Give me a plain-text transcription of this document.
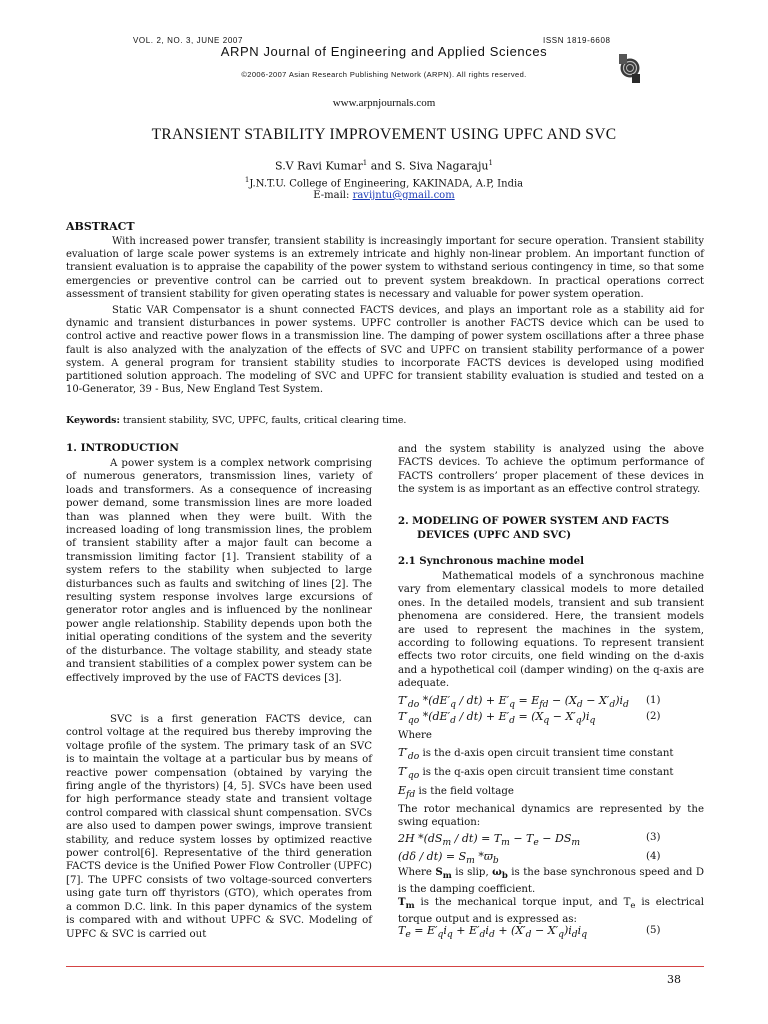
VOL. 2, NO. 3, JUNE 2007	ISSN 1819-6608
ARPN Journal of Engineering and Applied Sciences
©2006-2007 Asian Research Publishing Network (ARPN). All rights reserved.
www.arpnjournals.com
TRANSIENT STABILITY IMPROVEMENT USING UPFC AND SVC
S.V Ravi Kumar$^1$ and S. Siva Nagaraju$^1$
$^1$J.N.T.U. College of Engineering, KAKINADA, A.P, India
E-mail: ravijntu@gmail.com
ABSTRACT
With increased power transfer, transient stability is increasingly important for secure operation. Transient stability evaluation of large scale power systems is an extremely intricate and highly non-linear problem. An important function of transient evaluation is to appraise the capability of the power system to withstand serious contingency in time, so that some emergencies or preventive control can be carried out to prevent system breakdown. In practical operations correct assessment of transient stability for given operating states is necessary and valuable for power system operation.
Static VAR Compensator is a shunt connected FACTS devices, and plays an important role as a stability aid for dynamic and transient disturbances in power systems. UPFC controller is another FACTS device which can be used to control active and reactive power flows in a transmission line. The damping of power system oscillations after a three phase fault is also analyzed with the analyzation of the effects of SVC and UPFC on transient stability performance of a power system. A general program for transient stability studies to incorporate FACTS devices is developed using modified partitioned solution approach. The modeling of SVC and UPFC for transient stability evaluation is studied and tested on a 10-Generator, 39 - Bus, New England Test System.
Keywords: transient stability, SVC, UPFC, faults, critical clearing time.
1. INTRODUCTION
A power system is a complex network comprising of numerous generators, transmission lines, variety of loads and transformers. As a consequence of increasing power demand, some transmission lines are more loaded than was planned when they were built. With the increased loading of long transmission lines, the problem of transient stability after a major fault can become a transmission limiting factor [1]. Transient stability of a system refers to the stability when subjected to large disturbances such as faults and switching of lines [2]. The resulting system response involves large excursions of generator rotor angles and is influenced by the nonlinear power angle relationship. Stability depends upon both the initial operating conditions of the system and the severity of the disturbance. The voltage stability, and steady state and transient stabilities of a complex power system can be effectively improved by the use of FACTS devices [3].
SVC is a first generation FACTS device, can control voltage at the required bus thereby improving the voltage profile of the system. The primary task of an SVC is to maintain the voltage at a particular bus by means of reactive power compensation (obtained by varying the firing angle of the thyristors) [4, 5]. SVCs have been used for high performance steady state and transient voltage control compared with classical shunt compensation. SVCs are also used to dampen power swings, improve transient stability, and reduce system losses by optimized reactive power control[6]. Representative of the third generation FACTS device is the Unified Power Flow Controller (UPFC) [7]. The UPFC consists of two voltage-sourced converters using gate turn off thyristors (GTO), which operates from a common D.C. link. In this paper dynamics of the system is compared with and without UPFC & SVC. Modeling of UPFC & SVC is carried out
and the system stability is analyzed using the above FACTS devices. To achieve the optimum performance of FACTS controllers’ proper placement of these devices in the system is as important as an effective control strategy.
2. MODELING OF POWER SYSTEM AND FACTS
DEVICES (UPFC AND SVC)
2.1 Synchronous machine model
Mathematical models of a synchronous machine vary from elementary classical models to more detailed ones. In the detailed models, transient and sub transient phenomena are considered. Here, the transient models are used to represent the machines in the system, according to following equations. To represent transient effects two rotor circuits, one field winding on the d-axis and a hypothetical coil (damper winding) on the q-axis are adequate.
$T'_{do}$ $*(dE'_q / dt) + E'_q = E_{fd} - (X_d - X'_d)i_d$ (1)
$T'_{qo}$ $*(dE'_d / dt) + E'_d = (X_q - X'_q)i_q$	(2)
Where
$T'_{do}$ is the d-axis open circuit transient time constant
$T'_{qo}$ is the q-axis open circuit transient time constant
$E_{fd}$ is the field voltage
The rotor mechanical dynamics are represented by the swing equation:
2H $*(dS_m / dt) = T_m - T_e - DS_m$	(3)
$(d\delta / dt) = S_m$ $*ϖ_b$	(4)
Where $S_m$ is slip, $\omega_b$ is the base synchronous speed and D is the damping coefficient.
$T_m$ is the mechanical torque input, and $T_e$ is electrical torque output and is expressed as:
$T_e = E'_qi_q + E'_di_d + (X'_d - X'_q)i_di_q$	(5)
38
